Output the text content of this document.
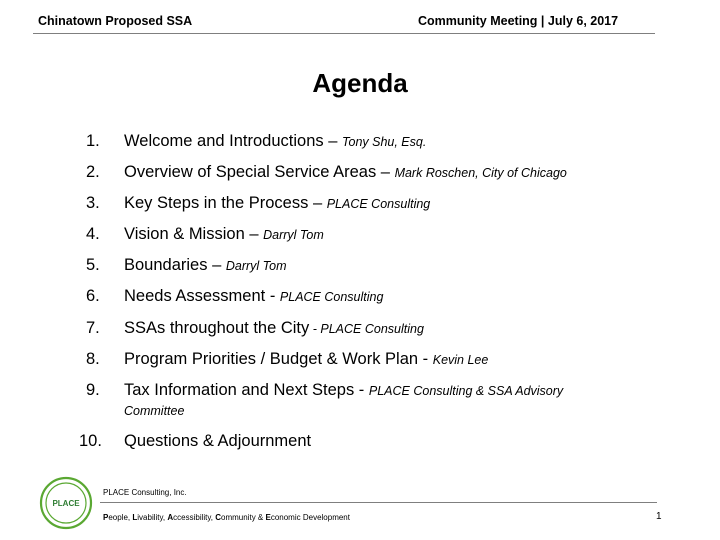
Chinatown Proposed SSA	Community Meeting | July 6, 2017
Agenda
1. Welcome and Introductions – Tony Shu, Esq.
2. Overview of Special Service Areas – Mark Roschen, City of Chicago
3. Key Steps in the Process – PLACE Consulting
4. Vision & Mission – Darryl Tom
5. Boundaries – Darryl Tom
6. Needs Assessment - PLACE Consulting
7. SSAs throughout the City - PLACE Consulting
8. Program Priorities / Budget & Work Plan - Kevin Lee
9. Tax Information and Next Steps - PLACE Consulting & SSA Advisory
Committee
10. Questions & Adjournment
PLACE
PLACE Consulting, Inc.
People, Livability, Accessibility, Community & Economic Development	1
